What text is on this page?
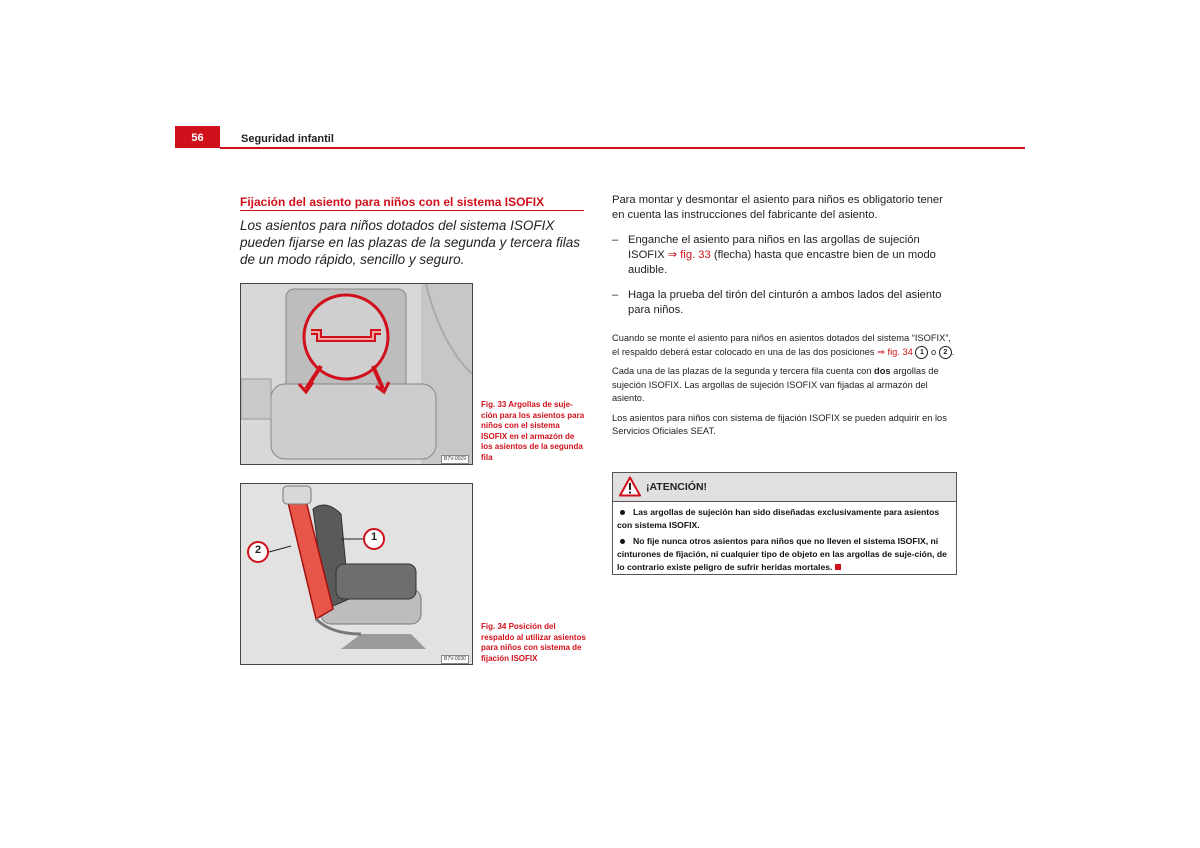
56	Seguridad infantil
Fijación del asiento para niños con el sistema ISOFIX

Los asientos para niños dotados del sistema ISOFIX pueden fijarse en las plazas de la segunda y tercera filas de un modo rápido, sencillo y seguro.

B7V-0029

Fig. 33 Argollas de suje-ción para los asientos para niños con el sistema ISOFIX en el armazón de los asientos de la segunda fila

1
2
B7V-0030

Fig. 34 Posición del respaldo al utilizar asientos para niños con sistema de fijación ISOFIX

Para montar y desmontar el asiento para niños es obligatorio tener en cuenta las instrucciones del fabricante del asiento.

– Enganche el asiento para niños en las argollas de sujeción ISOFIX ⇒ fig. 33 (flecha) hasta que encastre bien de un modo audible.
– Haga la prueba del tirón del cinturón a ambos lados del asiento para niños.

Cuando se monte el asiento para niños en asientos dotados del sistema “ISOFIX”, el respaldo deberá estar colocado en una de las dos posiciones ⇒ fig. 34 1 o 2 .

Cada una de las plazas de la segunda y tercera fila cuenta con dos argollas de sujeción ISOFIX. Las argollas de sujeción ISOFIX van fijadas al armazón del asiento.

Los asientos para niños con sistema de fijación ISOFIX se pueden adquirir en los Servicios Oficiales SEAT.

¡ATENCIÓN!

Las argollas de sujeción han sido diseñadas exclusivamente para asientos con sistema ISOFIX.

No fije nunca otros asientos para niños que no lleven el sistema ISOFIX, ni cinturones de fijación, ni cualquier tipo de objeto en las argollas de suje-ción, de lo contrario existe peligro de sufrir heridas mortales.
